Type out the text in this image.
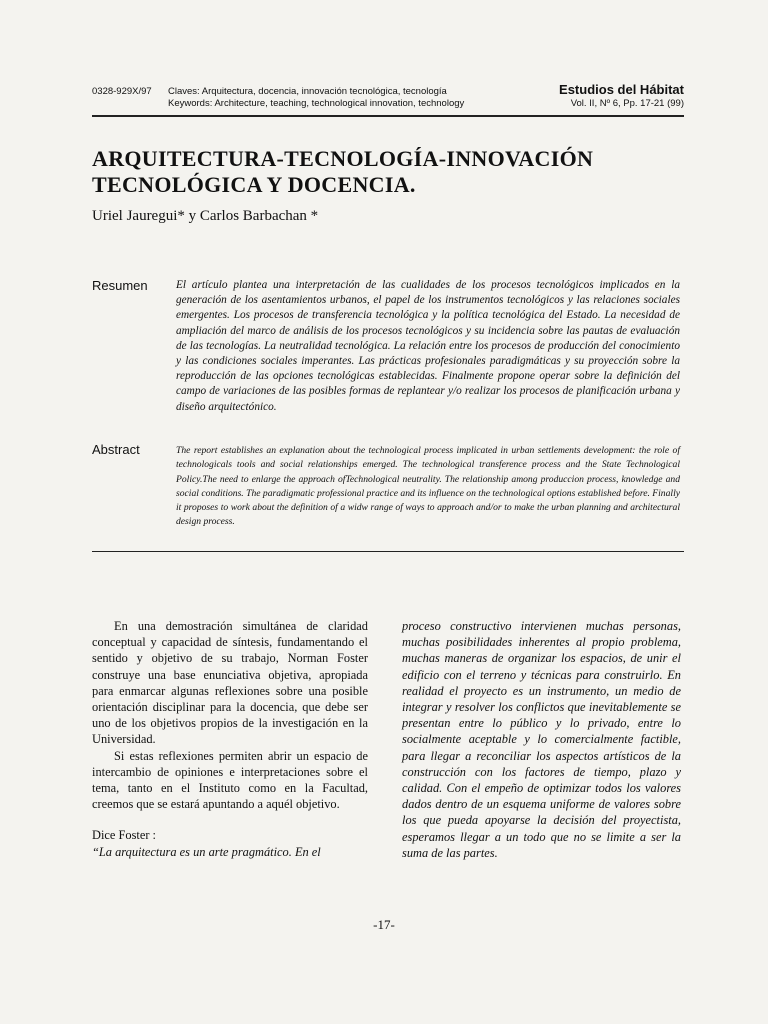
0328-929X/97	Claves: Arquitectura, docencia, innovación tecnológica, tecnología	Estudios del Hábitat
Keywords: Architecture, teaching, technological innovation, technology	Vol. II, Nº 6, Pp. 17-21 (99)
ARQUITECTURA-TECNOLOGÍA-INNOVACIÓN
TECNOLÓGICA Y DOCENCIA.
Uriel Jauregui* y Carlos Barbachan *
Resumen	El artículo plantea una interpretación de las cualidades de los procesos tecnológicos implicados en la generación de los asentamientos urbanos, el papel de los instrumentos tecnológicos y las relaciones sociales emergentes. Los procesos de transferencia tecnológica y la política tecnológica del Estado. La necesidad de ampliación del marco de análisis de los procesos tecnológicos y su incidencia sobre las pautas de evaluación de las tecnologías. La neutralidad tecnológica. La relación entre los procesos de producción del conocimiento y las condiciones sociales imperantes. Las prácticas profesionales paradigmáticas y su proyección sobre la reproducción de las opciones tecnológicas establecidas. Finalmente propone operar sobre la definición del campo de variaciones de las posibles formas de replantear y/o realizar los procesos de planificación urbana y diseño arquitectónico.

Abstract	The report establishes an explanation about the technological process implicated in urban settlements development: the role of technologicals tools and social relationships emerged. The technological transference process and the State Technological Policy.The need to enlarge the approach ofTechnological neutrality. The relationship among produccion process, knowledge and social conditions. The paradigmatic professional practice and its influence on the technological options established before. Finally it proposes to work about the definition of a widw range of ways to approach and/or to make the urban planning and architectural design process.

En una demostración simultánea de claridad conceptual y capacidad de síntesis, fundamentando el sentido y objetivo de su trabajo, Norman Foster construye una base enunciativa objetiva, apropiada para enmarcar algunas reflexiones sobre una posible orientación disciplinar para la docencia, que debe ser uno de los objetivos propios de la investigación en la Universidad.

Si estas reflexiones permiten abrir un espacio de intercambio de opiniones e interpretaciones sobre el tema, tanto en el Instituto como en la Facultad, creemos que se estará apuntando a aquél objetivo.

Dice Foster :

“La arquitectura es un arte pragmático. En el

proceso constructivo intervienen muchas personas, muchas posibilidades inherentes al propio problema, muchas maneras de organizar los espacios, de unir el edificio con el terreno y técnicas para construirlo. En realidad el proyecto es un instrumento, un medio de integrar y resolver los conflictos que inevitablemente se presentan entre lo público y lo privado, entre lo socialmente aceptable y lo comercialmente factible, para llegar a reconciliar los aspectos artísticos de la construcción con los factores de tiempo, plazo y calidad. Con el empeño de optimizar todos los valores dados dentro de un esquema uniforme de valores sobre los que pueda apoyarse la decisión del proyectista, esperamos llegar a un todo que no se limite a ser la suma de las partes.

-17-
